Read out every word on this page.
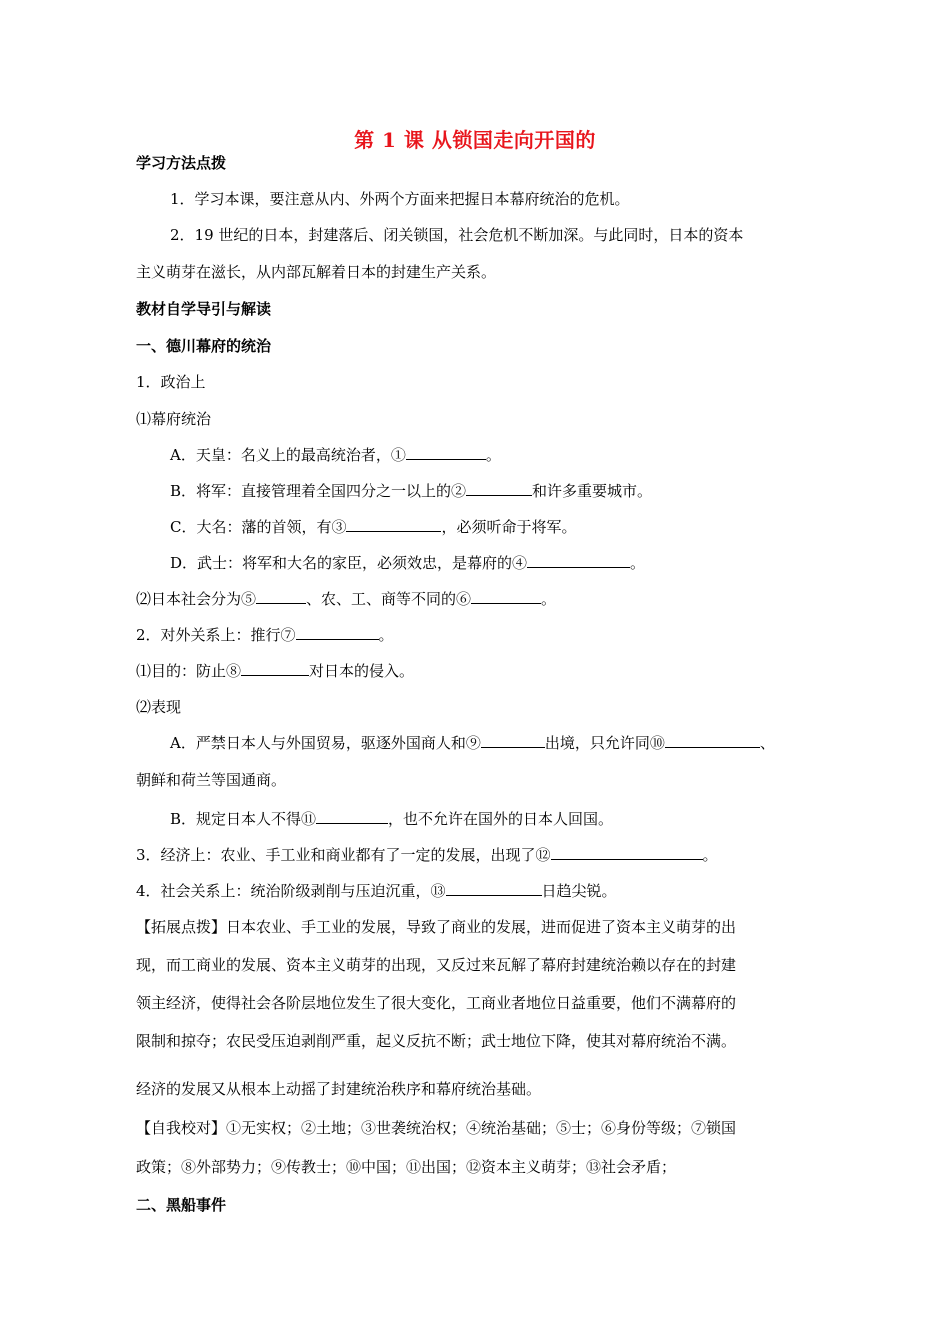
第 1 课 从锁国走向开国的
学习方法点拨
1．学习本课，要注意从内、外两个方面来把握日本幕府统治的危机。
2．19 世纪的日本，封建落后、闭关锁国，社会危机不断加深。与此同时，日本的资本
主义萌芽在滋长，从内部瓦解着日本的封建生产关系。
教材自学导引与解读
一、德川幕府的统治
1．政治上
⑴幕府统治
A．天皇：名义上的最高统治者，①	。
B．将军：直接管理着全国四分之一以上的②	和许多重要城市。
C．大名：藩的首领，有③	，必须听命于将军。
D．武士：将军和大名的家臣，必须效忠，是幕府的④	。
⑵日本社会分为⑤	、农、工、商等不同的⑥	。
2．对外关系上：推行⑦	。
⑴目的：防止⑧	对日本的侵入。
⑵表现
A．严禁日本人与外国贸易，驱逐外国商人和⑨	出境，只允许同⑩	、
朝鲜和荷兰等国通商。
B．规定日本人不得⑪	，也不允许在国外的日本人回国。
3．经济上：农业、手工业和商业都有了一定的发展，出现了⑫	。
4．社会关系上：统治阶级剥削与压迫沉重，⑬	日趋尖锐。
【拓展点拨】日本农业、手工业的发展，导致了商业的发展，进而促进了资本主义萌芽的出
现，而工商业的发展、资本主义萌芽的出现，又反过来瓦解了幕府封建统治赖以存在的封建
领主经济，使得社会各阶层地位发生了很大变化，工商业者地位日益重要，他们不满幕府的
限制和掠夺；农民受压迫剥削严重，起义反抗不断；武士地位下降，使其对幕府统治不满。
经济的发展又从根本上动摇了封建统治秩序和幕府统治基础。
【自我校对】①无实权；②土地；③世袭统治权；④统治基础；⑤士；⑥身份等级；⑦锁国
政策；⑧外部势力；⑨传教士；⑩中国；⑪出国；⑫资本主义萌芽；⑬社会矛盾；
二、黑船事件
